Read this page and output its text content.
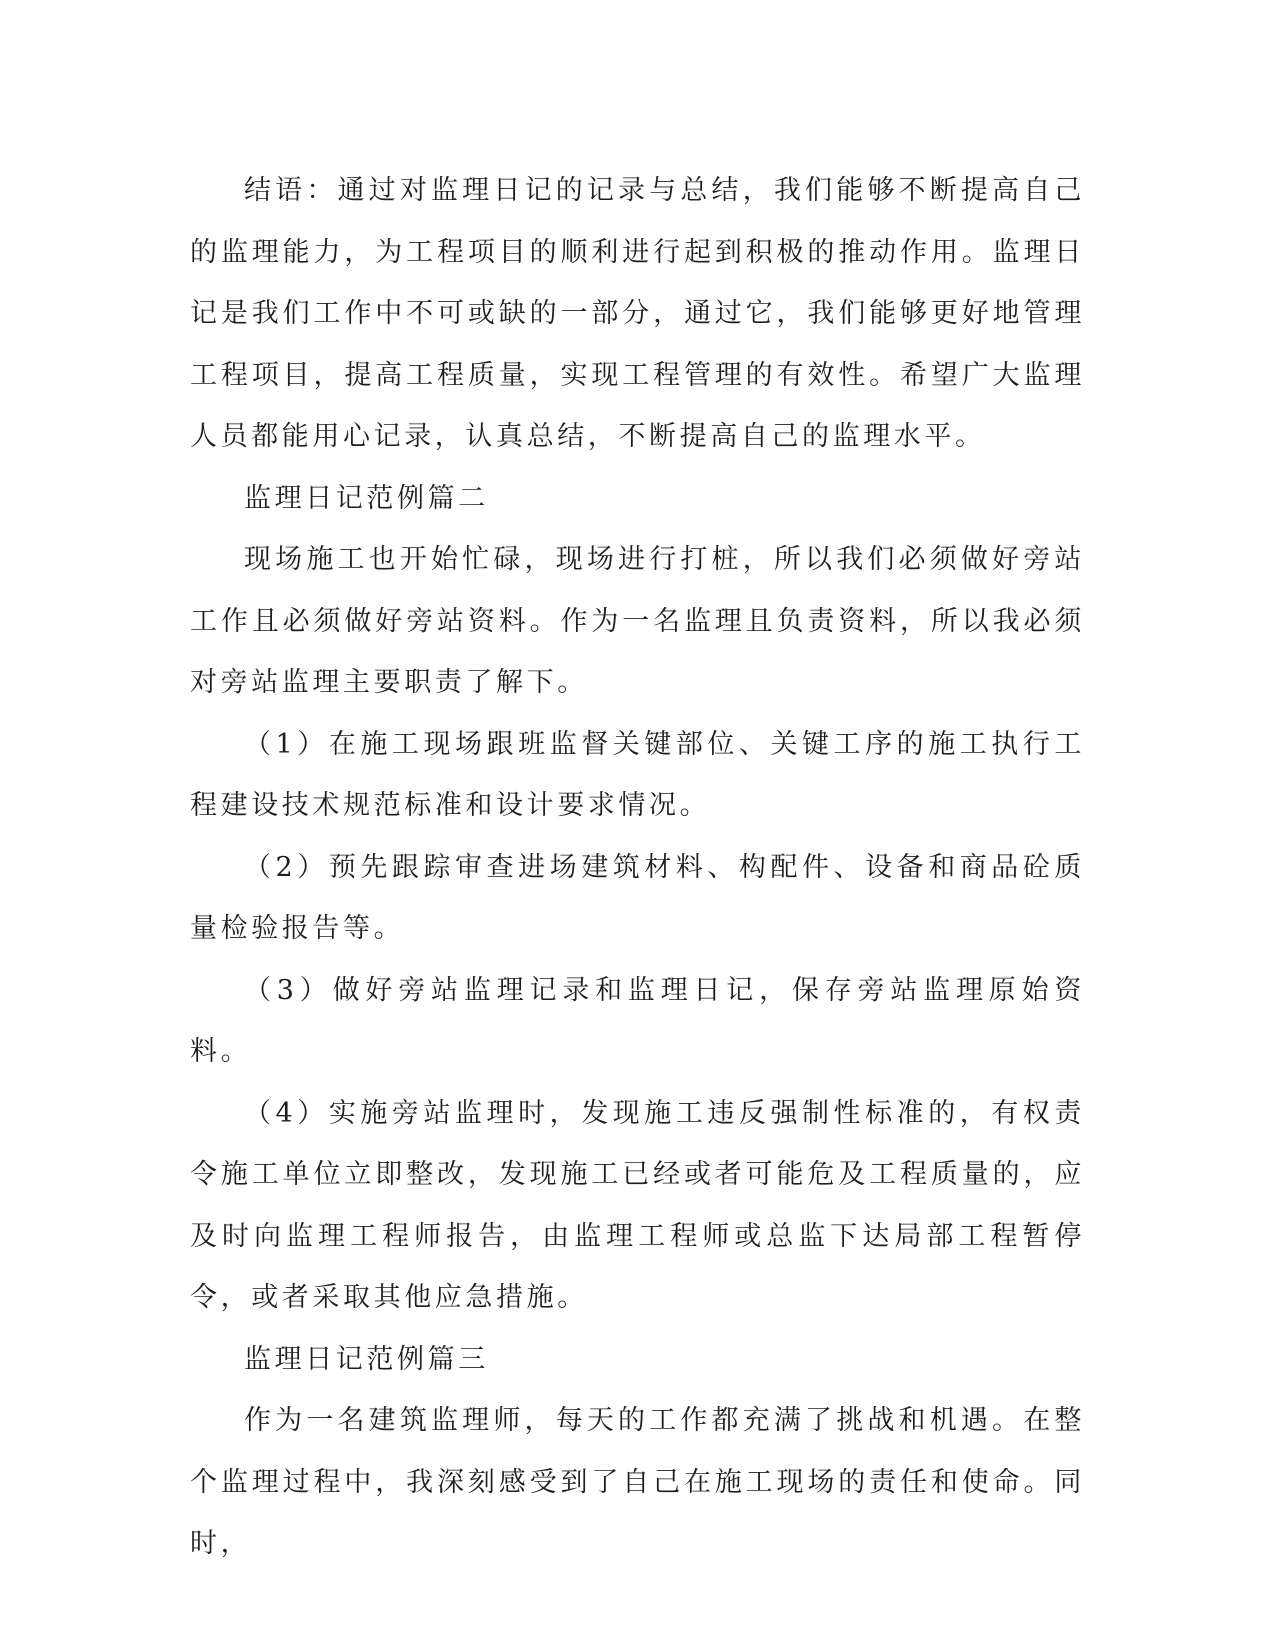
结语：通过对监理日记的记录与总结，我们能够不断提高自己的监理能力，为工程项目的顺利进行起到积极的推动作用。监理日记是我们工作中不可或缺的一部分，通过它，我们能够更好地管理工程项目，提高工程质量，实现工程管理的有效性。希望广大监理人员都能用心记录，认真总结，不断提高自己的监理水平。

监理日记范例篇二

现场施工也开始忙碌，现场进行打桩，所以我们必须做好旁站工作且必须做好旁站资料。作为一名监理且负责资料，所以我必须对旁站监理主要职责了解下。

（1）在施工现场跟班监督关键部位、关键工序的施工执行工程建设技术规范标准和设计要求情况。

（2）预先跟踪审查进场建筑材料、构配件、设备和商品砼质量检验报告等。

（3）做好旁站监理记录和监理日记，保存旁站监理原始资料。

（4）实施旁站监理时，发现施工违反强制性标准的，有权责令施工单位立即整改，发现施工已经或者可能危及工程质量的，应及时向监理工程师报告，由监理工程师或总监下达局部工程暂停令，或者采取其他应急措施。

监理日记范例篇三

作为一名建筑监理师，每天的工作都充满了挑战和机遇。在整个监理过程中，我深刻感受到了自己在施工现场的责任和使命。同时，
